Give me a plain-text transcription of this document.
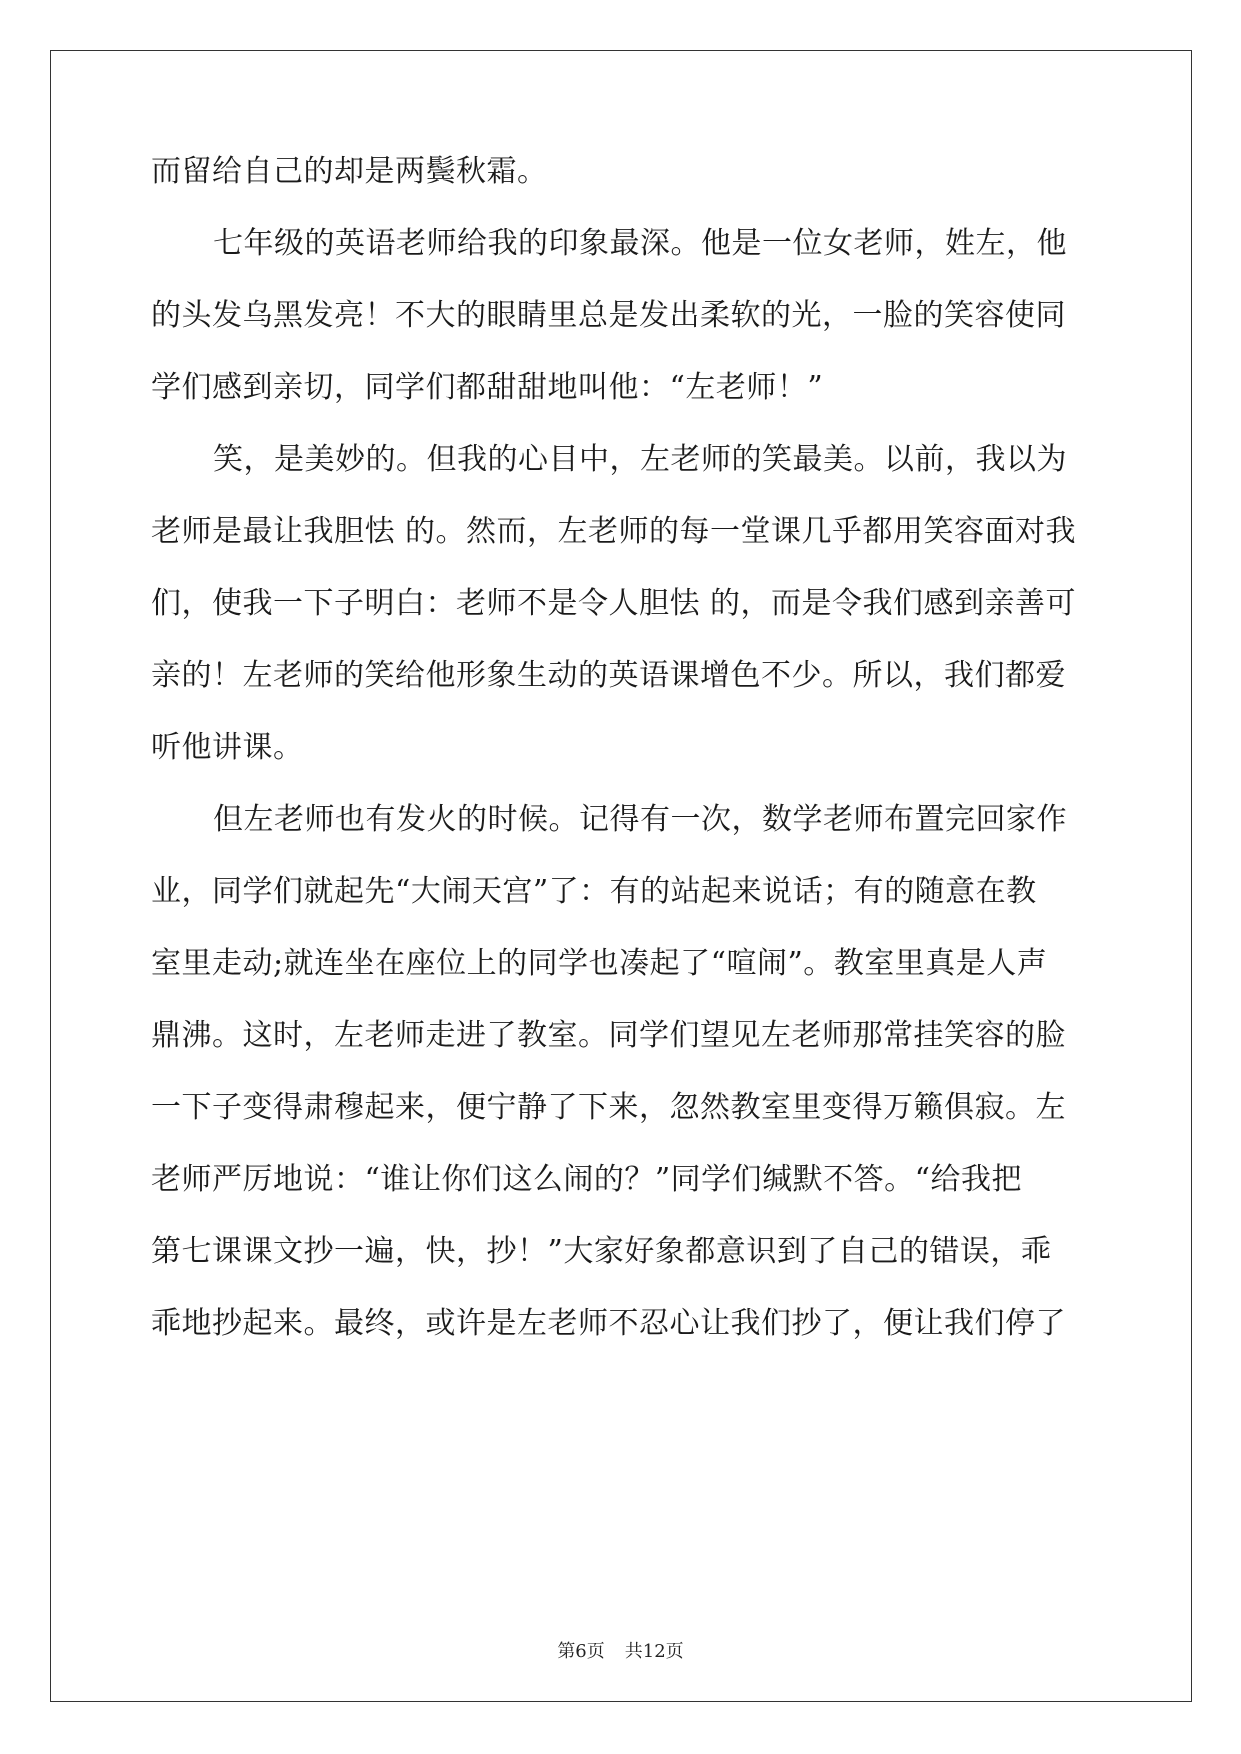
而留给自己的却是两鬓秋霜。
七年级的英语老师给我的印象最深。他是一位女老师，姓左，他
的头发乌黑发亮！不大的眼睛里总是发出柔软的光，一脸的笑容使同
学们感到亲切，同学们都甜甜地叫他：“左老师！”
笑，是美妙的。但我的心目中，左老师的笑最美。以前，我以为
老师是最让我胆怯 的。然而，左老师的每一堂课几乎都用笑容面对我
们，使我一下子明白：老师不是令人胆怯 的，而是令我们感到亲善可
亲的！左老师的笑给他形象生动的英语课增色不少。所以，我们都爱
听他讲课。
但左老师也有发火的时候。记得有一次，数学老师布置完回家作
业，同学们就起先“大闹天宫”了：有的站起来说话；有的随意在教
室里走动;就连坐在座位上的同学也凑起了“喧闹”。教室里真是人声
鼎沸。这时，左老师走进了教室。同学们望见左老师那常挂笑容的脸
一下子变得肃穆起来，便宁静了下来，忽然教室里变得万籁俱寂。左
老师严厉地说：“谁让你们这么闹的？”同学们缄默不答。“给我把
第七课课文抄一遍，快，抄！”大家好象都意识到了自己的错误，乖
乖地抄起来。最终，或许是左老师不忍心让我们抄了，便让我们停了
第6页 共12页
